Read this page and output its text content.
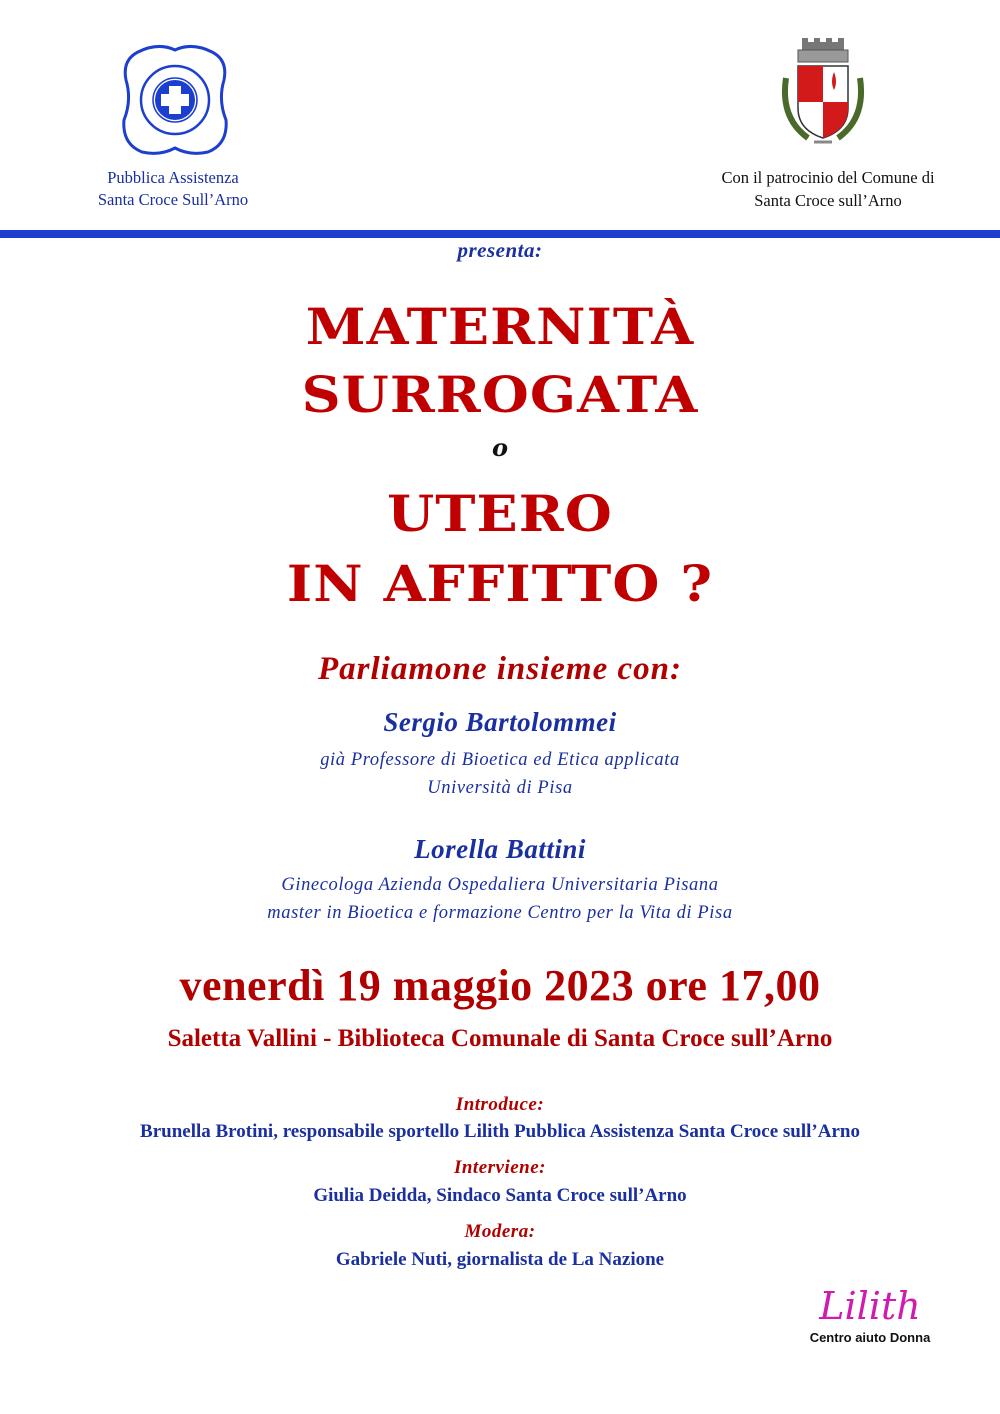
Pubblica Assistenza
Santa Croce Sull’Arno
Con il patrocinio del Comune di
Santa Croce sull’Arno
presenta:
MATERNITÀ
SURROGATA
o
UTERO
IN AFFITTO ?
Parliamone insieme con:
Sergio Bartolommei
già Professore di Bioetica ed Etica applicata
Università di Pisa
Lorella Battini
Ginecologa Azienda Ospedaliera Universitaria Pisana
master in Bioetica e formazione Centro per la Vita di Pisa
venerdì 19 maggio 2023 ore 17,00
Saletta Vallini - Biblioteca Comunale di Santa Croce sull’Arno
Introduce:
Brunella Brotini, responsabile sportello Lilith Pubblica Assistenza Santa Croce sull’Arno
Interviene:
Giulia Deidda, Sindaco Santa Croce sull’Arno
Modera:
Gabriele Nuti, giornalista de La Nazione
Lilith
Centro aiuto Donna
